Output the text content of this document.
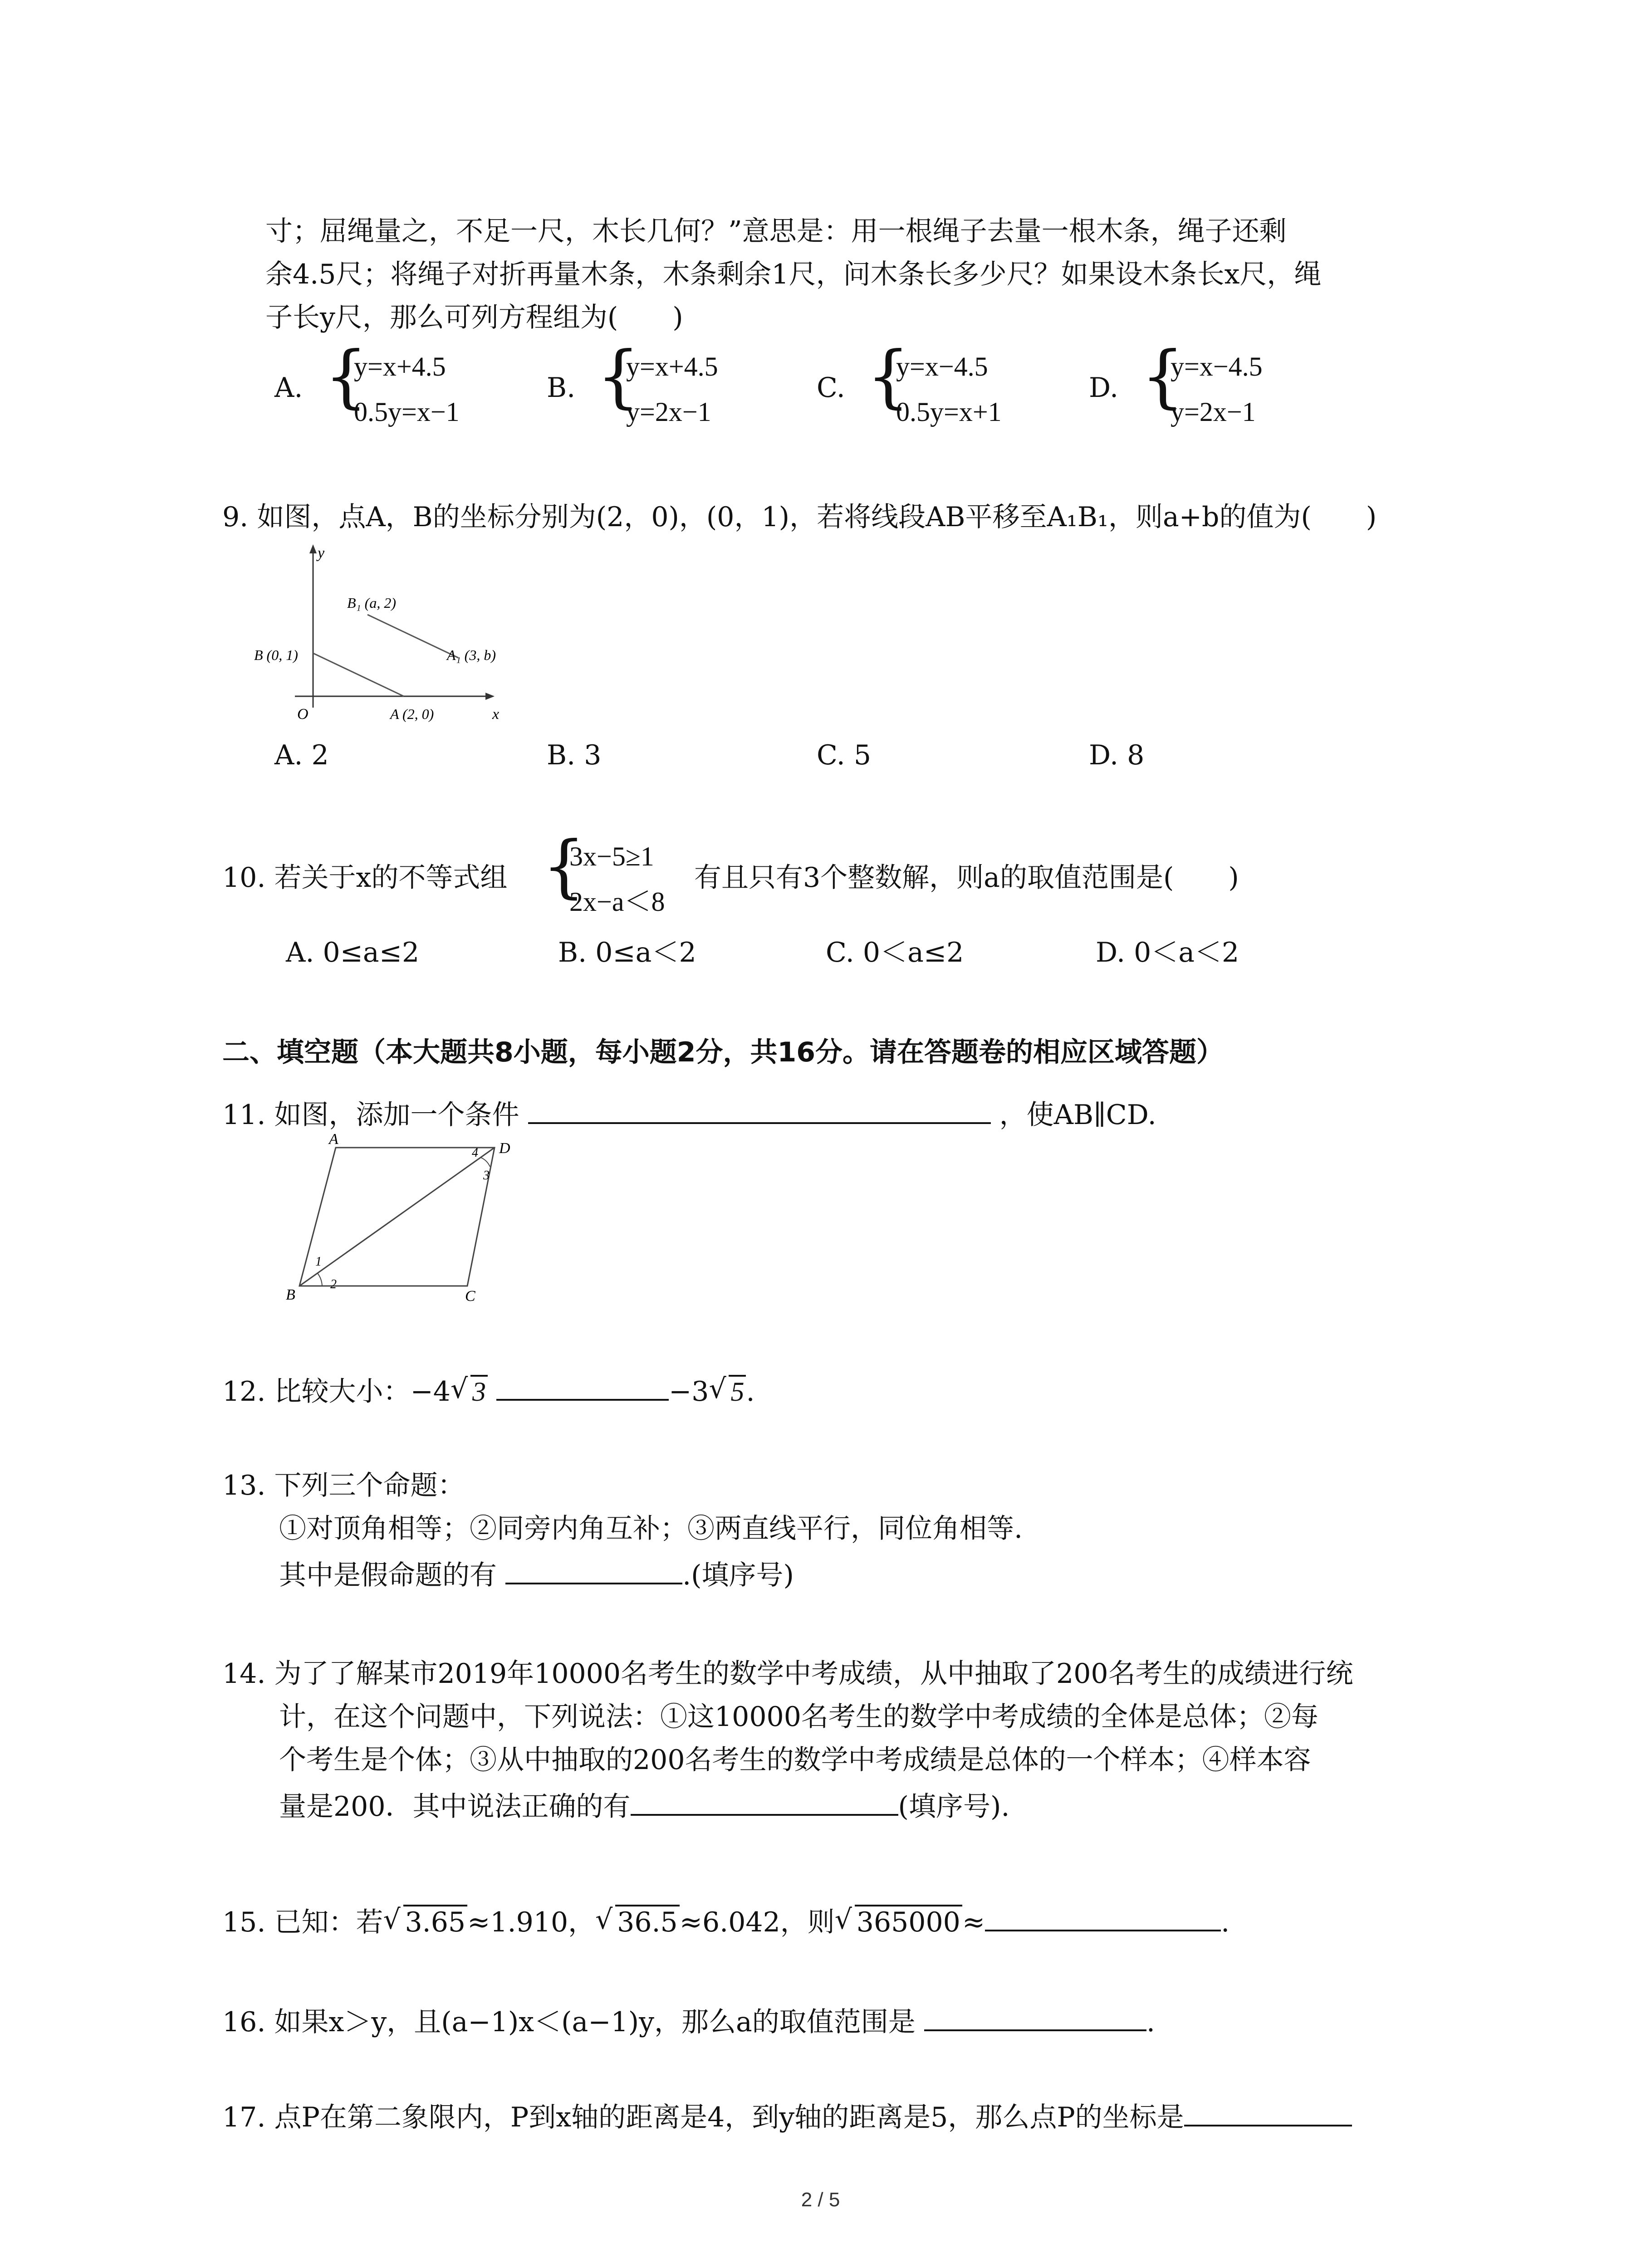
寸；屈绳量之，不足一尺，木长几何？”意思是：用一根绳子去量一根木条，绳子还剩
余4.5尺；将绳子对折再量木条，木条剩余1尺，问木条长多少尺？如果设木条长x尺，绳
子长y尺，那么可列方程组为(　　)
A. {
y=x+4.5
0.5y=x−1
B. {
y=x+4.5
y=2x−1
C. {
y=x−4.5
0.5y=x+1
D. {
y=x−4.5
y=2x−1
9. 如图，点A，B的坐标分别为(2，0)，(0，1)，若将线段AB平移至A₁B₁，则a+b的值为(　　)
y
x
O
B (0, 1)
A (2, 0)
B₁ (a, 2)
A₁ (3, b)
A. 2	B. 3	C. 5	D. 8
10. 若关于x的不等式组 {
3x−5≥1
2x−a＜8
有且只有3个整数解，则a的取值范围是(　　)
A. 0≤a≤2	B. 0≤a＜2	C. 0＜a≤2	D. 0＜a＜2
二、填空题（本大题共8小题，每小题2分，共16分。请在答题卷的相应区域答题）
11. 如图，添加一个条件	，使AB∥CD.
A
B	C
D
1
2
3
4
12. 比较大小：−4 √ 3	−3 √ 5.
13. 下列三个命题：
①对顶角相等；②同旁内角互补；③两直线平行，同位角相等.
其中是假命题的有	.(填序号)
14. 为了了解某市2019年10000名考生的数学中考成绩，从中抽取了200名考生的成绩进行统
计，在这个问题中，下列说法：①这10000名考生的数学中考成绩的全体是总体；②每
个考生是个体；③从中抽取的200名考生的数学中考成绩是总体的一个样本；④样本容
量是200．其中说法正确的有	(填序号).
15. 已知：若 √ 3.65≈1.910， √ 36.5≈6.042，则 √ 365000≈	.
16. 如果x＞y，且(a−1)x＜(a−1)y，那么a的取值范围是	.
17. 点P在第二象限内，P到x轴的距离是4，到y轴的距离是5，那么点P的坐标是
2 / 5
